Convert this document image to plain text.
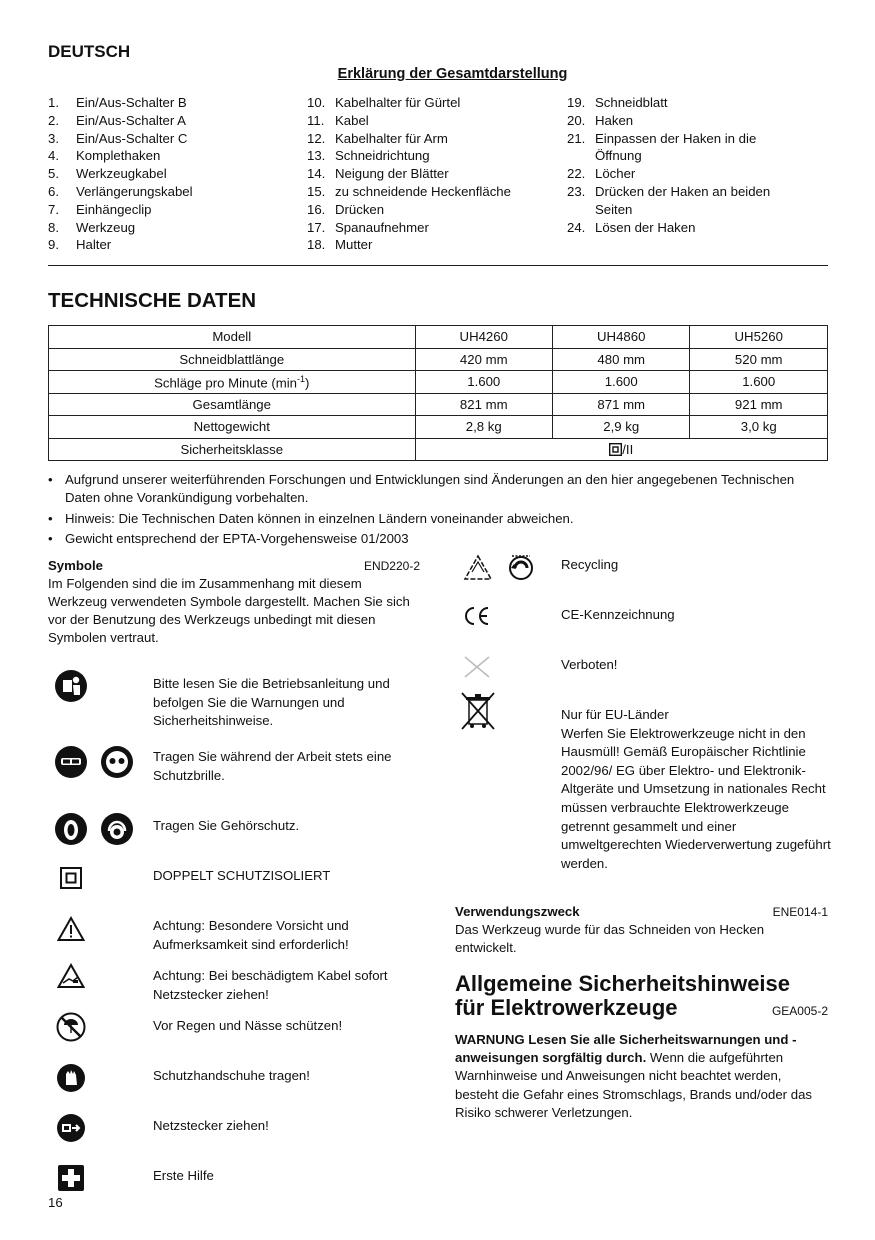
DEUTSCH
Erklärung der Gesamtdarstellung
1.	Ein/Aus-Schalter B
2.	Ein/Aus-Schalter A
3.	Ein/Aus-Schalter C
4.	Komplethaken
5.	Werkzeugkabel
6.	Verlängerungskabel
7.	Einhängeclip
8.	Werkzeug
9.	Halter
10. Kabelhalter für Gürtel
11. Kabel
12. Kabelhalter für Arm
13. Schneidrichtung
14. Neigung der Blätter
15. zu schneidende Heckenfläche
16. Drücken
17. Spanaufnehmer
18. Mutter
19. Schneidblatt
20. Haken
21. Einpassen der Haken in die
Öffnung
22. Löcher
23. Drücken der Haken an beiden
Seiten
24. Lösen der Haken
TECHNISCHE DATEN
Modell	UH4260	UH4860	UH5260
Schneidblattlänge	420 mm	480 mm	520 mm
Schläge pro Minute $(\min^{-1})$	1.600	1.600	1.600
Gesamtlänge	821 mm	871 mm	921 mm
Nettogewicht	2,8 kg	2,9 kg	3,0 kg
Sicherheitsklasse	/II		
• Aufgrund unserer weiterführenden Forschungen und Entwicklungen sind Änderungen an den hier angegebenen Technischen Daten ohne Vorankündigung vorbehalten.
• Hinweis: Die Technischen Daten können in einzelnen Ländern voneinander abweichen.
• Gewicht entsprechend der EPTA-Vorgehensweise 01/2003
Symbole	END220-2
Im Folgenden sind die im Zusammenhang mit diesem Werkzeug verwendeten Symbole dargestellt. Machen Sie sich vor der Benutzung des Werkzeugs unbedingt mit diesen Symbolen vertraut.
Bitte lesen Sie die Betriebsanleitung und befolgen Sie die Warnungen und Sicherheitshinweise.
Tragen Sie während der Arbeit stets eine Schutzbrille.
Tragen Sie Gehörschutz.
DOPPELT SCHUTZISOLIERT
Achtung: Besondere Vorsicht und Aufmerksamkeit sind erforderlich!
Achtung: Bei beschädigtem Kabel sofort Netzstecker ziehen!
Vor Regen und Nässe schützen!
Schutzhandschuhe tragen!
Netzstecker ziehen!
Erste Hilfe
Recycling
CE-Kennzeichnung
Verboten!
Nur für EU-Länder
Werfen Sie Elektrowerkzeuge nicht in den Hausmüll! Gemäß Europäischer Richtlinie 2002/96/ EG über Elektro- und Elektronik-Altgeräte und Umsetzung in nationales Recht müssen verbrauchte Elektrowerkzeuge getrennt gesammelt und einer umweltgerechten Wiederverwertung zugeführt werden.
Verwendungszweck	ENE014-1
Das Werkzeug wurde für das Schneiden von Hecken entwickelt.
Allgemeine Sicherheitshinweise
für Elektrowerkzeuge	GEA005-2
WARNUNG Lesen Sie alle Sicherheitswarnungen und -anweisungen sorgfältig durch. Wenn die aufgeführten Warnhinweise und Anweisungen nicht beachtet werden, besteht die Gefahr eines Stromschlags, Brands und/oder das Risiko schwerer Verletzungen.
16
